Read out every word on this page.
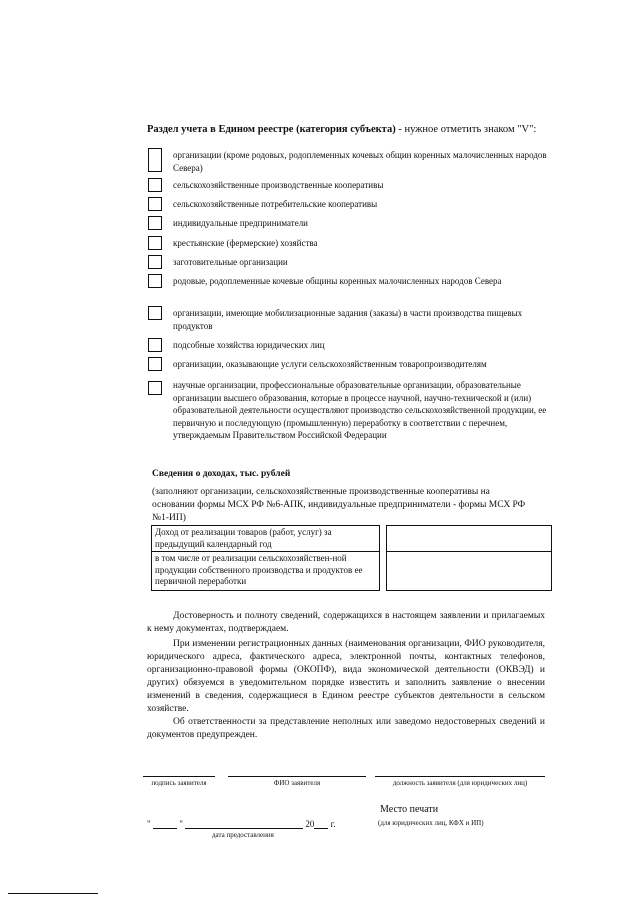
Раздел учета в Едином реестре (категория субъекта) - нужное отметить знаком "V":
организации (кроме родовых, родоплеменных кочевых общин коренных малочисленных народов Севера)
сельскохозяйственные производственные кооперативы
сельскохозяйственные потребительские кооперативы
индивидуальные предприниматели
крестьянские (фермерские) хозяйства
заготовительные организации
родовые, родоплеменные кочевые общины коренных малочисленных народов Севера
организации, имеющие мобилизационные задания (заказы) в части производства пищевых продуктов
подсобные хозяйства юридических лиц
организации, оказывающие услуги сельскохозяйственным товаропроизводителям
научные организации, профессиональные образовательные организации, образовательные организации высшего образования, которые в процессе научной, научно-технической и (или) образовательной деятельности осуществляют производство сельскохозяйственной продукции, ее первичную и последующую (промышленную) переработку в соответствии с перечнем, утверждаемым Правительством Российской Федерации
Сведения о доходах, тыс. рублей
(заполняют организации, сельскохозяйственные производственные кооперативы на основании формы МСХ РФ №6-АПК, индивидуальные предприниматели - формы МСХ РФ №1-ИП)
Доход от реализации товаров (работ, услуг) за предыдущий календарный год		
в том числе от реализации сельскохозяйствен-ной продукции собственного производства и продуктов ее первичной переработки		
Достоверность и полноту сведений, содержащихся в настоящем заявлении и прилагаемых к нему документах, подтверждаем.
При изменении регистрационных данных (наименования организации, ФИО руководителя, юридического адреса, фактического адреса, электронной почты, контактных телефонов, организационно-правовой формы (ОКОПФ), вида экономической деятельности (ОКВЭД) и других) обязуемся в уведомительном порядке известить и заполнить заявление о внесении изменений в сведения, содержащиеся в Едином реестре субъектов деятельности в сельском хозяйстве.
Об ответственности за представление неполных или заведомо недостоверных сведений и документов предупрежден.
подпись заявителя	ФИО заявителя	должность заявителя (для юридических лиц)
Место печати
(для юридических лиц, КФХ и ИП)
"	"	20 г.
дата предоставления
